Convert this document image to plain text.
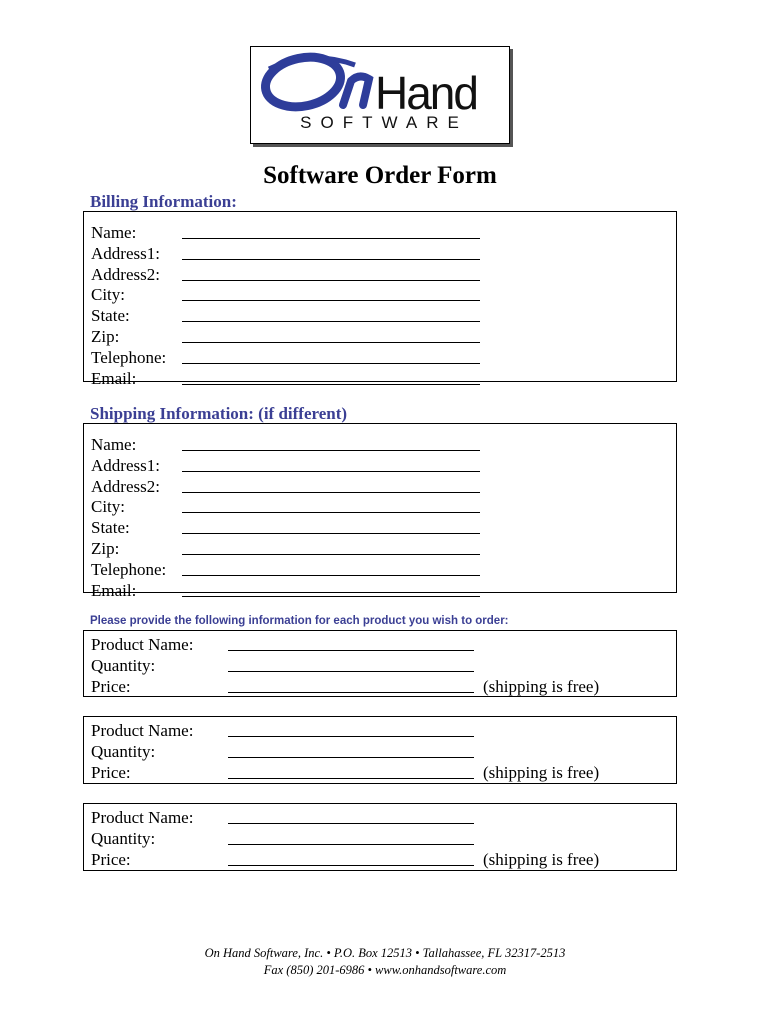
Hand
SOFTWARE
Software Order Form
Billing Information:
Name:
Address1:
Address2:
City:
State:
Zip:
Telephone:
Email:
Shipping Information: (if different)
Name:
Address1:
Address2:
City:
State:
Zip:
Telephone:
Email:
Please provide the following information for each product you wish to order:
Product Name:
Quantity:
Price:	(shipping is free)
Product Name:
Quantity:
Price:	(shipping is free)
Product Name:
Quantity:
Price:	(shipping is free)
On Hand Software, Inc. • P.O. Box 12513 • Tallahassee, FL 32317-2513
Fax (850) 201-6986 • www.onhandsoftware.com
